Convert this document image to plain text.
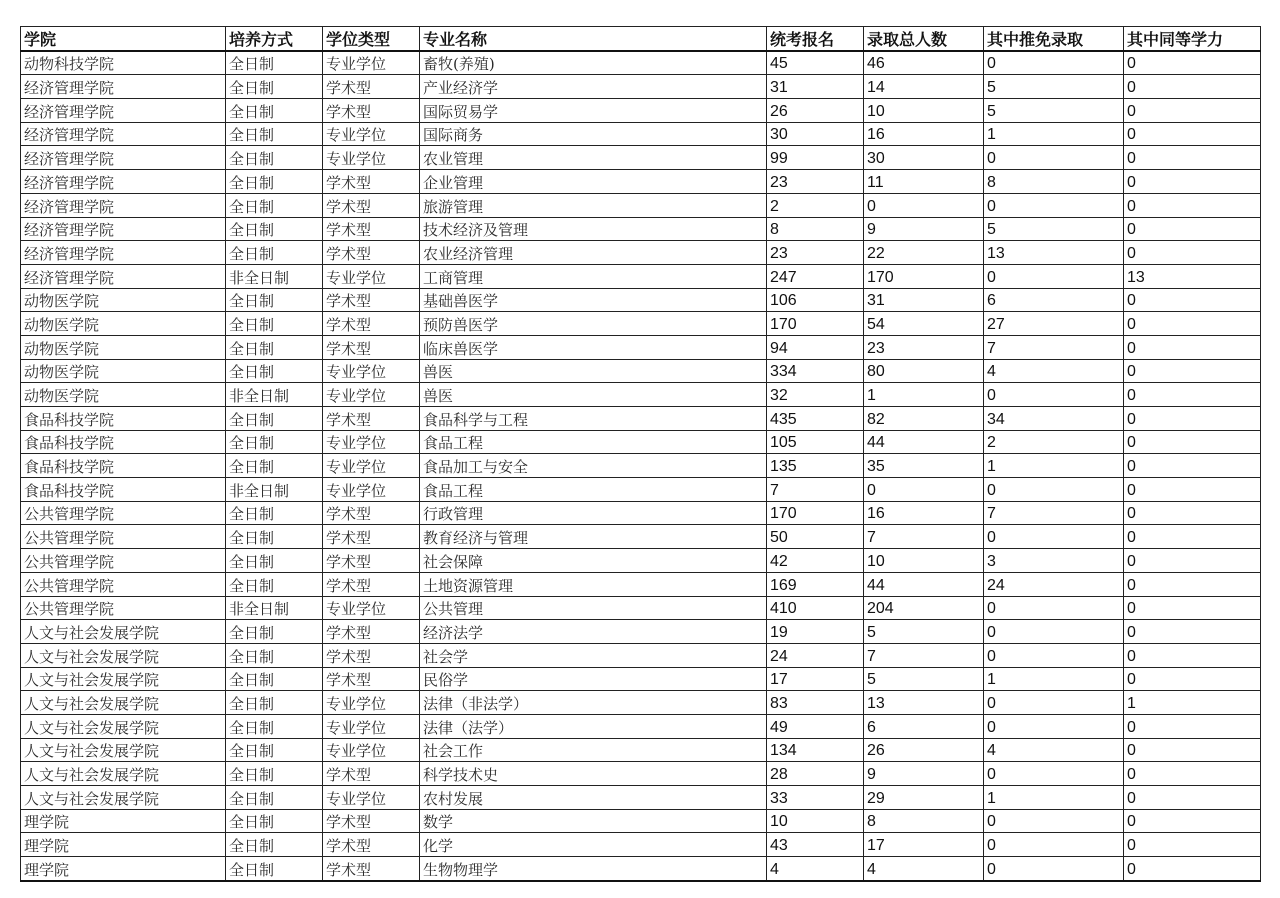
学院	培养方式	学位类型	专业名称	统考报名	录取总人数	其中推免录取	其中同等学力
动物科技学院	全日制	专业学位	畜牧(养殖)	45	46	0	0
经济管理学院	全日制	学术型	产业经济学	31	14	5	0
经济管理学院	全日制	学术型	国际贸易学	26	10	5	0
经济管理学院	全日制	专业学位	国际商务	30	16	1	0
经济管理学院	全日制	专业学位	农业管理	99	30	0	0
经济管理学院	全日制	学术型	企业管理	23	11	8	0
经济管理学院	全日制	学术型	旅游管理	2	0	0	0
经济管理学院	全日制	学术型	技术经济及管理	8	9	5	0
经济管理学院	全日制	学术型	农业经济管理	23	22	13	0
经济管理学院	非全日制	专业学位	工商管理	247	170	0	13
动物医学院	全日制	学术型	基础兽医学	106	31	6	0
动物医学院	全日制	学术型	预防兽医学	170	54	27	0
动物医学院	全日制	学术型	临床兽医学	94	23	7	0
动物医学院	全日制	专业学位	兽医	334	80	4	0
动物医学院	非全日制	专业学位	兽医	32	1	0	0
食品科技学院	全日制	学术型	食品科学与工程	435	82	34	0
食品科技学院	全日制	专业学位	食品工程	105	44	2	0
食品科技学院	全日制	专业学位	食品加工与安全	135	35	1	0
食品科技学院	非全日制	专业学位	食品工程	7	0	0	0
公共管理学院	全日制	学术型	行政管理	170	16	7	0
公共管理学院	全日制	学术型	教育经济与管理	50	7	0	0
公共管理学院	全日制	学术型	社会保障	42	10	3	0
公共管理学院	全日制	学术型	土地资源管理	169	44	24	0
公共管理学院	非全日制	专业学位	公共管理	410	204	0	0
人文与社会发展学院	全日制	学术型	经济法学	19	5	0	0
人文与社会发展学院	全日制	学术型	社会学	24	7	0	0
人文与社会发展学院	全日制	学术型	民俗学	17	5	1	0
人文与社会发展学院	全日制	专业学位	法律（非法学）	83	13	0	1
人文与社会发展学院	全日制	专业学位	法律（法学）	49	6	0	0
人文与社会发展学院	全日制	专业学位	社会工作	134	26	4	0
人文与社会发展学院	全日制	学术型	科学技术史	28	9	0	0
人文与社会发展学院	全日制	专业学位	农村发展	33	29	1	0
理学院	全日制	学术型	数学	10	8	0	0
理学院	全日制	学术型	化学	43	17	0	0
理学院	全日制	学术型	生物物理学	4	4	0	0
